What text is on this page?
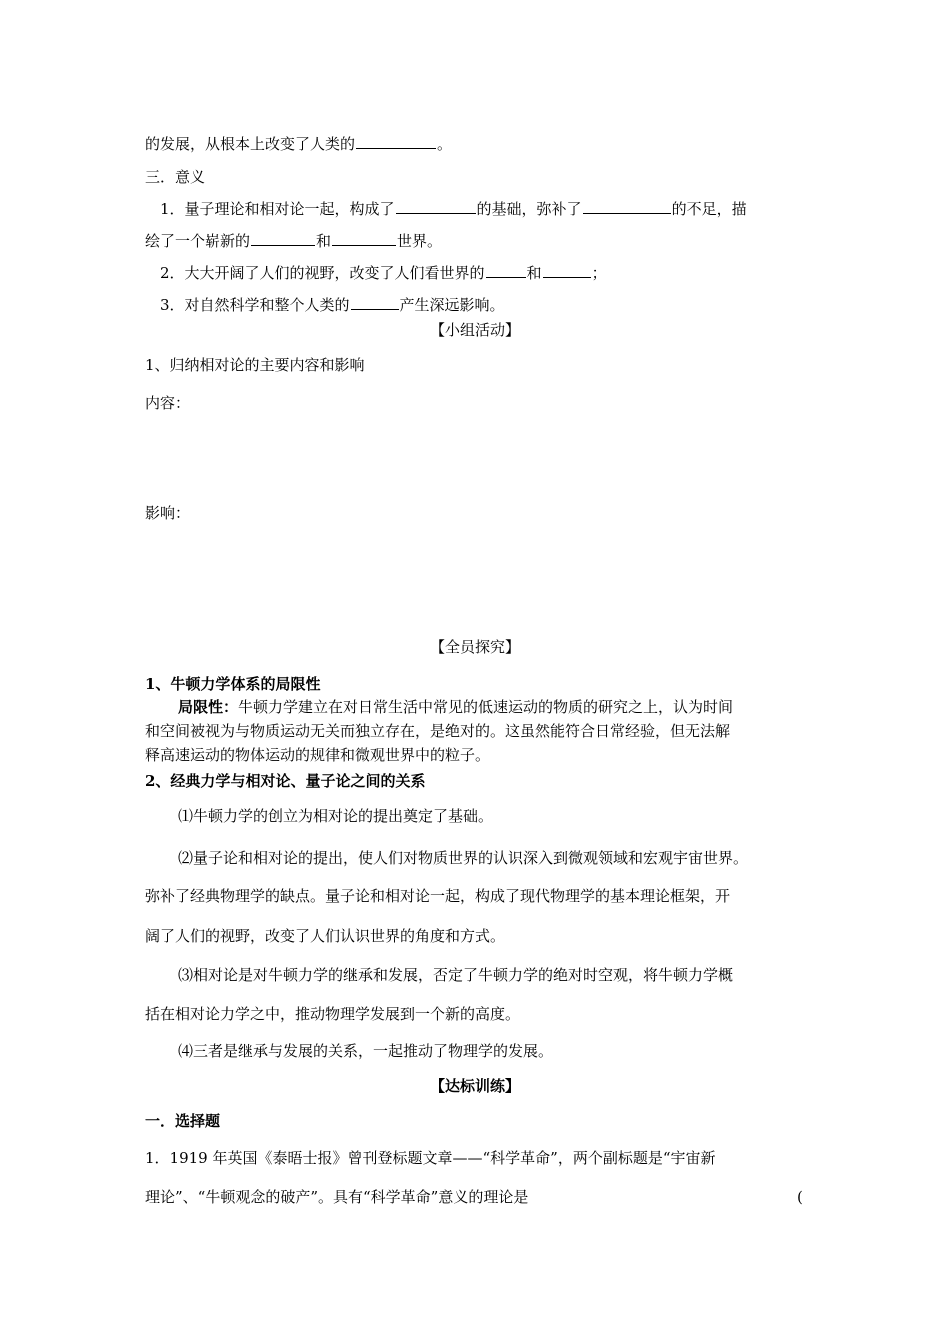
的发展，从根本上改变了人类的	。
三．意义
1．量子理论和相对论一起，构成了	的基础，弥补了	的不足，描
绘了一个崭新的	和	世界。
2．大大开阔了人们的视野，改变了人们看世界的	和	；
3．对自然科学和整个人类的	产生深远影响。
【小组活动】
1、归纳相对论的主要内容和影响
内容：
影响：
【全员探究】
1、牛顿力学体系的局限性
局限性：牛顿力学建立在对日常生活中常见的低速运动的物质的研究之上，认为时间
和空间被视为与物质运动无关而独立存在，是绝对的。这虽然能符合日常经验，但无法解
释高速运动的物体运动的规律和微观世界中的粒子。
2、经典力学与相对论、量子论之间的关系
⑴牛顿力学的创立为相对论的提出奠定了基础。
⑵量子论和相对论的提出，使人们对物质世界的认识深入到微观领域和宏观宇宙世界。
弥补了经典物理学的缺点。量子论和相对论一起，构成了现代物理学的基本理论框架，开
阔了人们的视野，改变了人们认识世界的角度和方式。
⑶相对论是对牛顿力学的继承和发展，否定了牛顿力学的绝对时空观，将牛顿力学概
括在相对论力学之中，推动物理学发展到一个新的高度。
⑷三者是继承与发展的关系，一起推动了物理学的发展。
【达标训练】
一．选择题
1．1919 年英国《泰晤士报》曾刊登标题文章——“科学革命”，两个副标题是“宇宙新
理论”、“牛顿观念的破产”。具有“科学革命”意义的理论是	(
